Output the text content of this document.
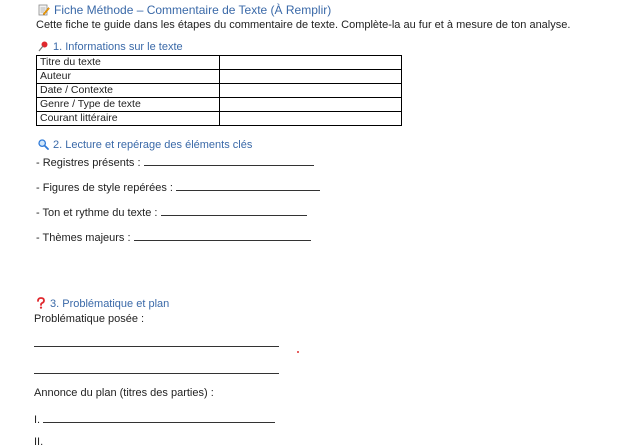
Fiche Méthode – Commentaire de Texte (À Remplir)
Cette fiche te guide dans les étapes du commentaire de texte. Complète-la au fur et à mesure de ton analyse.
1. Informations sur le texte
Titre du texte	
Auteur	
Date / Contexte	
Genre / Type de texte	
Courant littéraire	
2. Lecture et repérage des éléments clés
- Registres présents :
- Figures de style repérées :
- Ton et rythme du texte :
- Thèmes majeurs :
3. Problématique et plan
Problématique posée :
Annonce du plan (titres des parties) :
I.
II.
